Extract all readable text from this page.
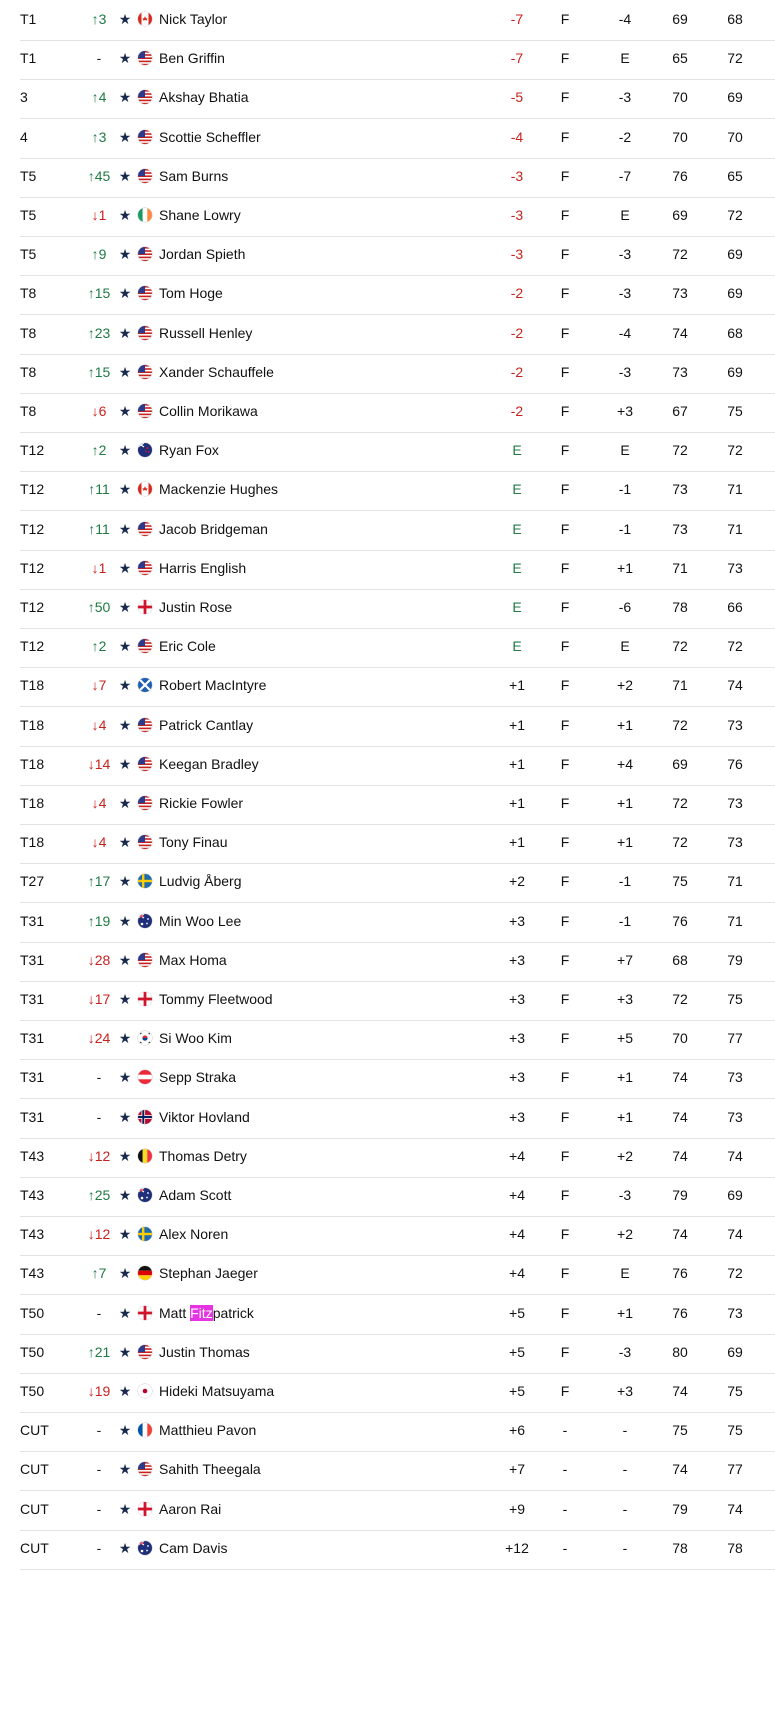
T1	↑3 ★ Nick Taylor	-7	F	-4	69	68
T1	-	★ Ben Griffin	-7	F	E	65	72
3	↑4 ★ Akshay Bhatia	-5	F	-3	70	69
4	↑3 ★ Scottie Scheffler	-4	F	-2	70	70
T5	↑45 ★ Sam Burns	-3	F	-7	76	65
T5	↓1 ★ Shane Lowry	-3	F	E	69	72
T5	↑9 ★ Jordan Spieth	-3	F	-3	72	69
T8	↑15 ★ Tom Hoge	-2	F	-3	73	69
T8	↑23 ★ Russell Henley	-2	F	-4	74	68
T8	↑15 ★ Xander Schauffele	-2	F	-3	73	69
T8	↓6 ★ Collin Morikawa	-2	F	+3	67	75
T12	↑2 ★ Ryan Fox	E	F	E	72	72
T12	↑11 ★ Mackenzie Hughes	E	F	-1	73	71
T12	↑11 ★ Jacob Bridgeman	E	F	-1	73	71
T12	↓1 ★ Harris English	E	F	+1	71	73
T12	↑50 ★ Justin Rose	E	F	-6	78	66
T12	↑2 ★ Eric Cole	E	F	E	72	72
T18	↓7 ★ Robert MacIntyre	+1	F	+2	71	74
T18	↓4 ★ Patrick Cantlay	+1	F	+1	72	73
T18	↓14 ★ Keegan Bradley	+1	F	+4	69	76
T18	↓4 ★ Rickie Fowler	+1	F	+1	72	73
T18	↓4 ★ Tony Finau	+1	F	+1	72	73
T27	↑17 ★ Ludvig Åberg	+2	F	-1	75	71
T31	↑19 ★ Min Woo Lee	+3	F	-1	76	71
T31	↓28 ★ Max Homa	+3	F	+7	68	79
T31	↓17 ★ Tommy Fleetwood	+3	F	+3	72	75
T31	↓24 ★ Si Woo Kim	+3	F	+5	70	77
T31	-	★ Sepp Straka	+3	F	+1	74	73
T31	-	★ Viktor Hovland	+3	F	+1	74	73
T43	↓12 ★ Thomas Detry	+4	F	+2	74	74
T43	↑25 ★ Adam Scott	+4	F	-3	79	69
T43	↓12 ★ Alex Noren	+4	F	+2	74	74
T43	↑7 ★ Stephan Jaeger	+4	F	E	76	72
T50	-	★ Matt Fitzpatrick	+5	F	+1	76	73
T50	↑21 ★ Justin Thomas	+5	F	-3	80	69
T50	↓19 ★ Hideki Matsuyama	+5	F	+3	74	75
CUT	-	★ Matthieu Pavon	+6	-	-	75	75
CUT	-	★ Sahith Theegala	+7	-	-	74	77
CUT	-	★ Aaron Rai	+9	-	-	79	74
CUT	-	★ Cam Davis	+12	-	-	78	78
